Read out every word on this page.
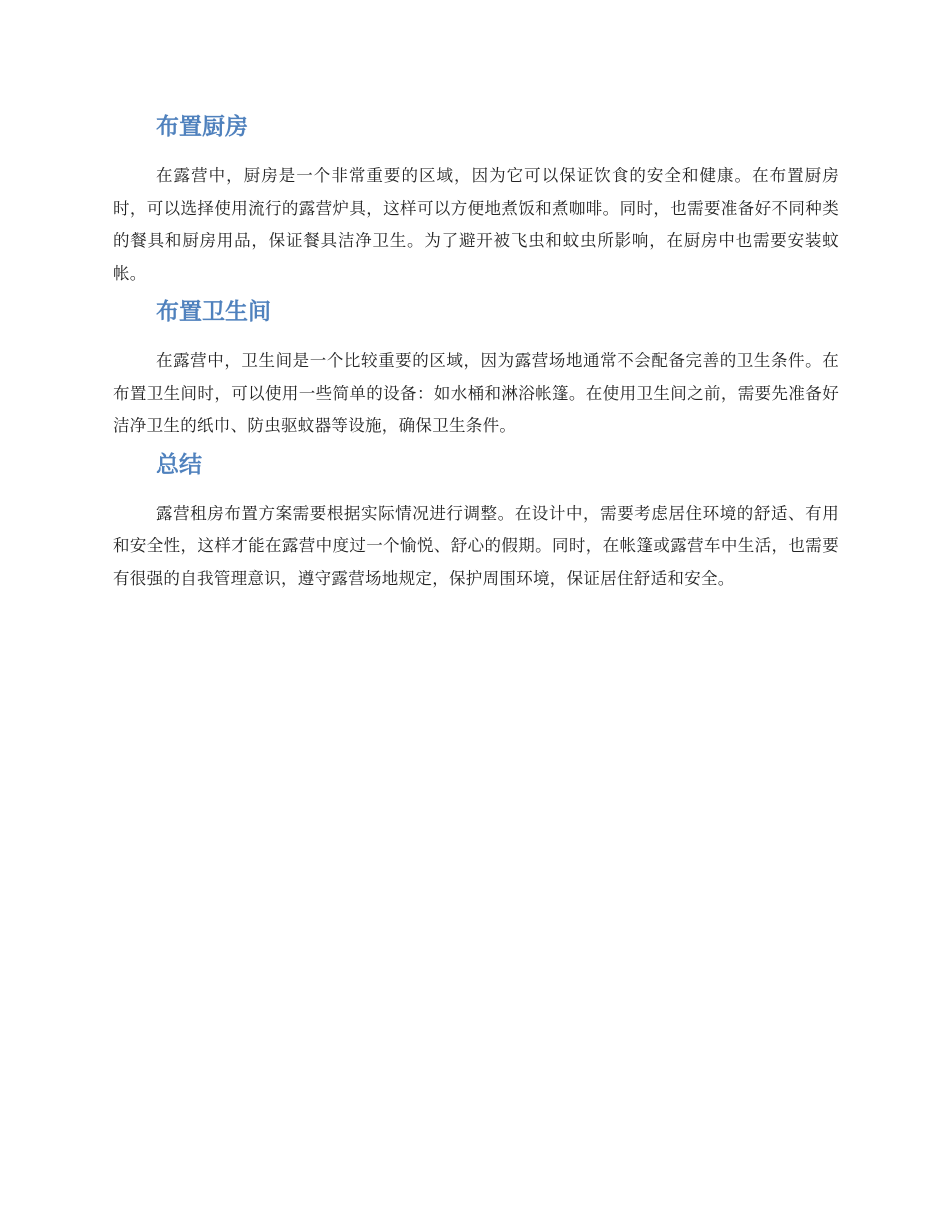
布置厨房

在露营中，厨房是一个非常重要的区域，因为它可以保证饮食的安全和健康。在布置厨房时，可以选择使用流行的露营炉具，这样可以方便地煮饭和煮咖啡。同时，也需要准备好不同种类的餐具和厨房用品，保证餐具洁净卫生。为了避开被飞虫和蚊虫所影响，在厨房中也需要安装蚊帐。

布置卫生间

在露营中，卫生间是一个比较重要的区域，因为露营场地通常不会配备完善的卫生条件。在布置卫生间时，可以使用一些简单的设备：如水桶和淋浴帐篷。在使用卫生间之前，需要先准备好洁净卫生的纸巾、防虫驱蚊器等设施，确保卫生条件。

总结

露营租房布置方案需要根据实际情况进行调整。在设计中，需要考虑居住环境的舒适、有用和安全性，这样才能在露营中度过一个愉悦、舒心的假期。同时，在帐篷或露营车中生活，也需要有很强的自我管理意识，遵守露营场地规定，保护周围环境，保证居住舒适和安全。
